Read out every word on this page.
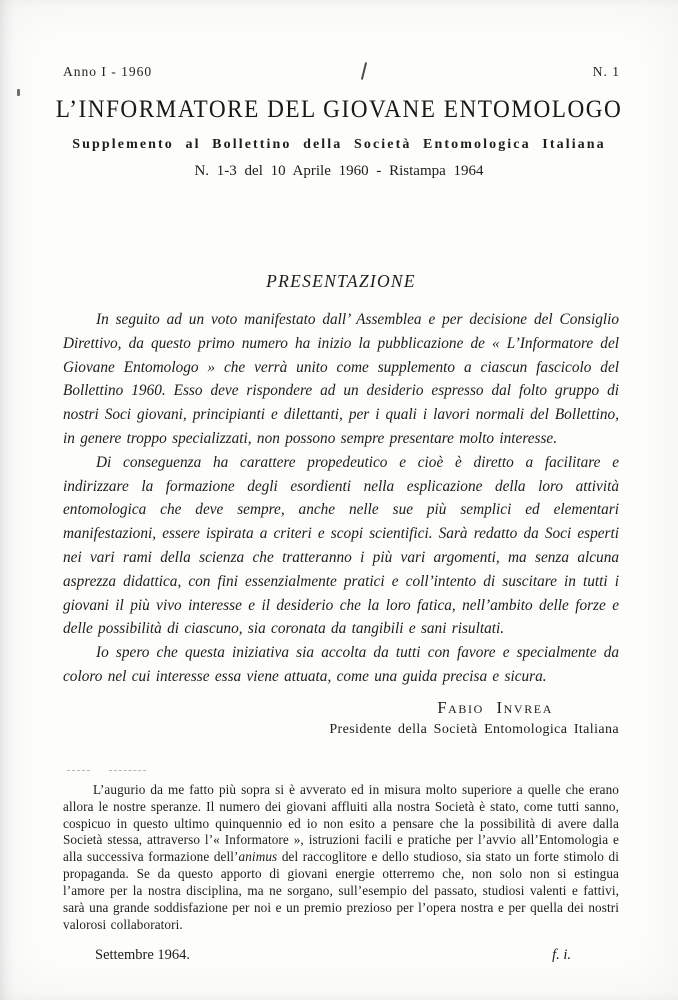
Anno I - 1960	N. 1
L’INFORMATORE DEL GIOVANE ENTOMOLOGO
Supplemento al Bollettino della Società Entomologica Italiana
N. 1-3 del 10 Aprile 1960 - Ristampa 1964
PRESENTAZIONE

In seguito ad un voto manifestato dall’ Assemblea e per decisione del Consiglio Direttivo, da questo primo numero ha inizio la pubblicazione de « L’Informatore del Giovane Entomologo » che verrà unito come supplemento a ciascun fascicolo del Bollettino 1960. Esso deve rispondere ad un desiderio espresso dal folto gruppo di nostri Soci giovani, principianti e dilettanti, per i quali i lavori normali del Bollettino, in genere troppo specializzati, non possono sempre presentare molto interesse.

Di conseguenza ha carattere propedeutico e cioè è diretto a facilitare e indirizzare la formazione degli esordienti nella esplicazione della loro attività entomologica che deve sempre, anche nelle sue più semplici ed elementari manifestazioni, essere ispirata a criteri e scopi scientifici. Sarà redatto da Soci esperti nei vari rami della scienza che tratteranno i più vari argomenti, ma senza alcuna asprezza didattica, con fini essenzialmente pratici e coll’intento di suscitare in tutti i giovani il più vivo interesse e il desiderio che la loro fatica, nell’ambito delle forze e delle possibilità di ciascuno, sia coronata da tangibili e sani risultati.

Io spero che questa iniziativa sia accolta da tutti con favore e specialmente da coloro nel cui interesse essa viene attuata, come una guida precisa e sicura.

Fabio Invrea
Presidente della Società Entomologica Italiana

L’augurio da me fatto più sopra si è avverato ed in misura molto superiore a quelle che erano allora le nostre speranze. Il numero dei giovani affluiti alla nostra Società è stato, come tutti sanno, cospicuo in questo ultimo quinquennio ed io non esito a pensare che la possibilità di avere dalla Società stessa, attraverso l’« Informatore », istruzioni facili e pratiche per l’avvio all’Entomologia e alla successiva formazione dell’animus del raccoglitore e dello studioso, sia stato un forte stimolo di propaganda. Se da questo apporto di giovani energie otterremo che, non solo non si estingua l’amore per la nostra disciplina, ma ne sorgano, sull’esempio del passato, studiosi valenti e fattivi, sarà una grande soddisfazione per noi e un premio prezioso per l’opera nostra e per quella dei nostri valorosi collaboratori.

Settembre 1964.	f. i.
